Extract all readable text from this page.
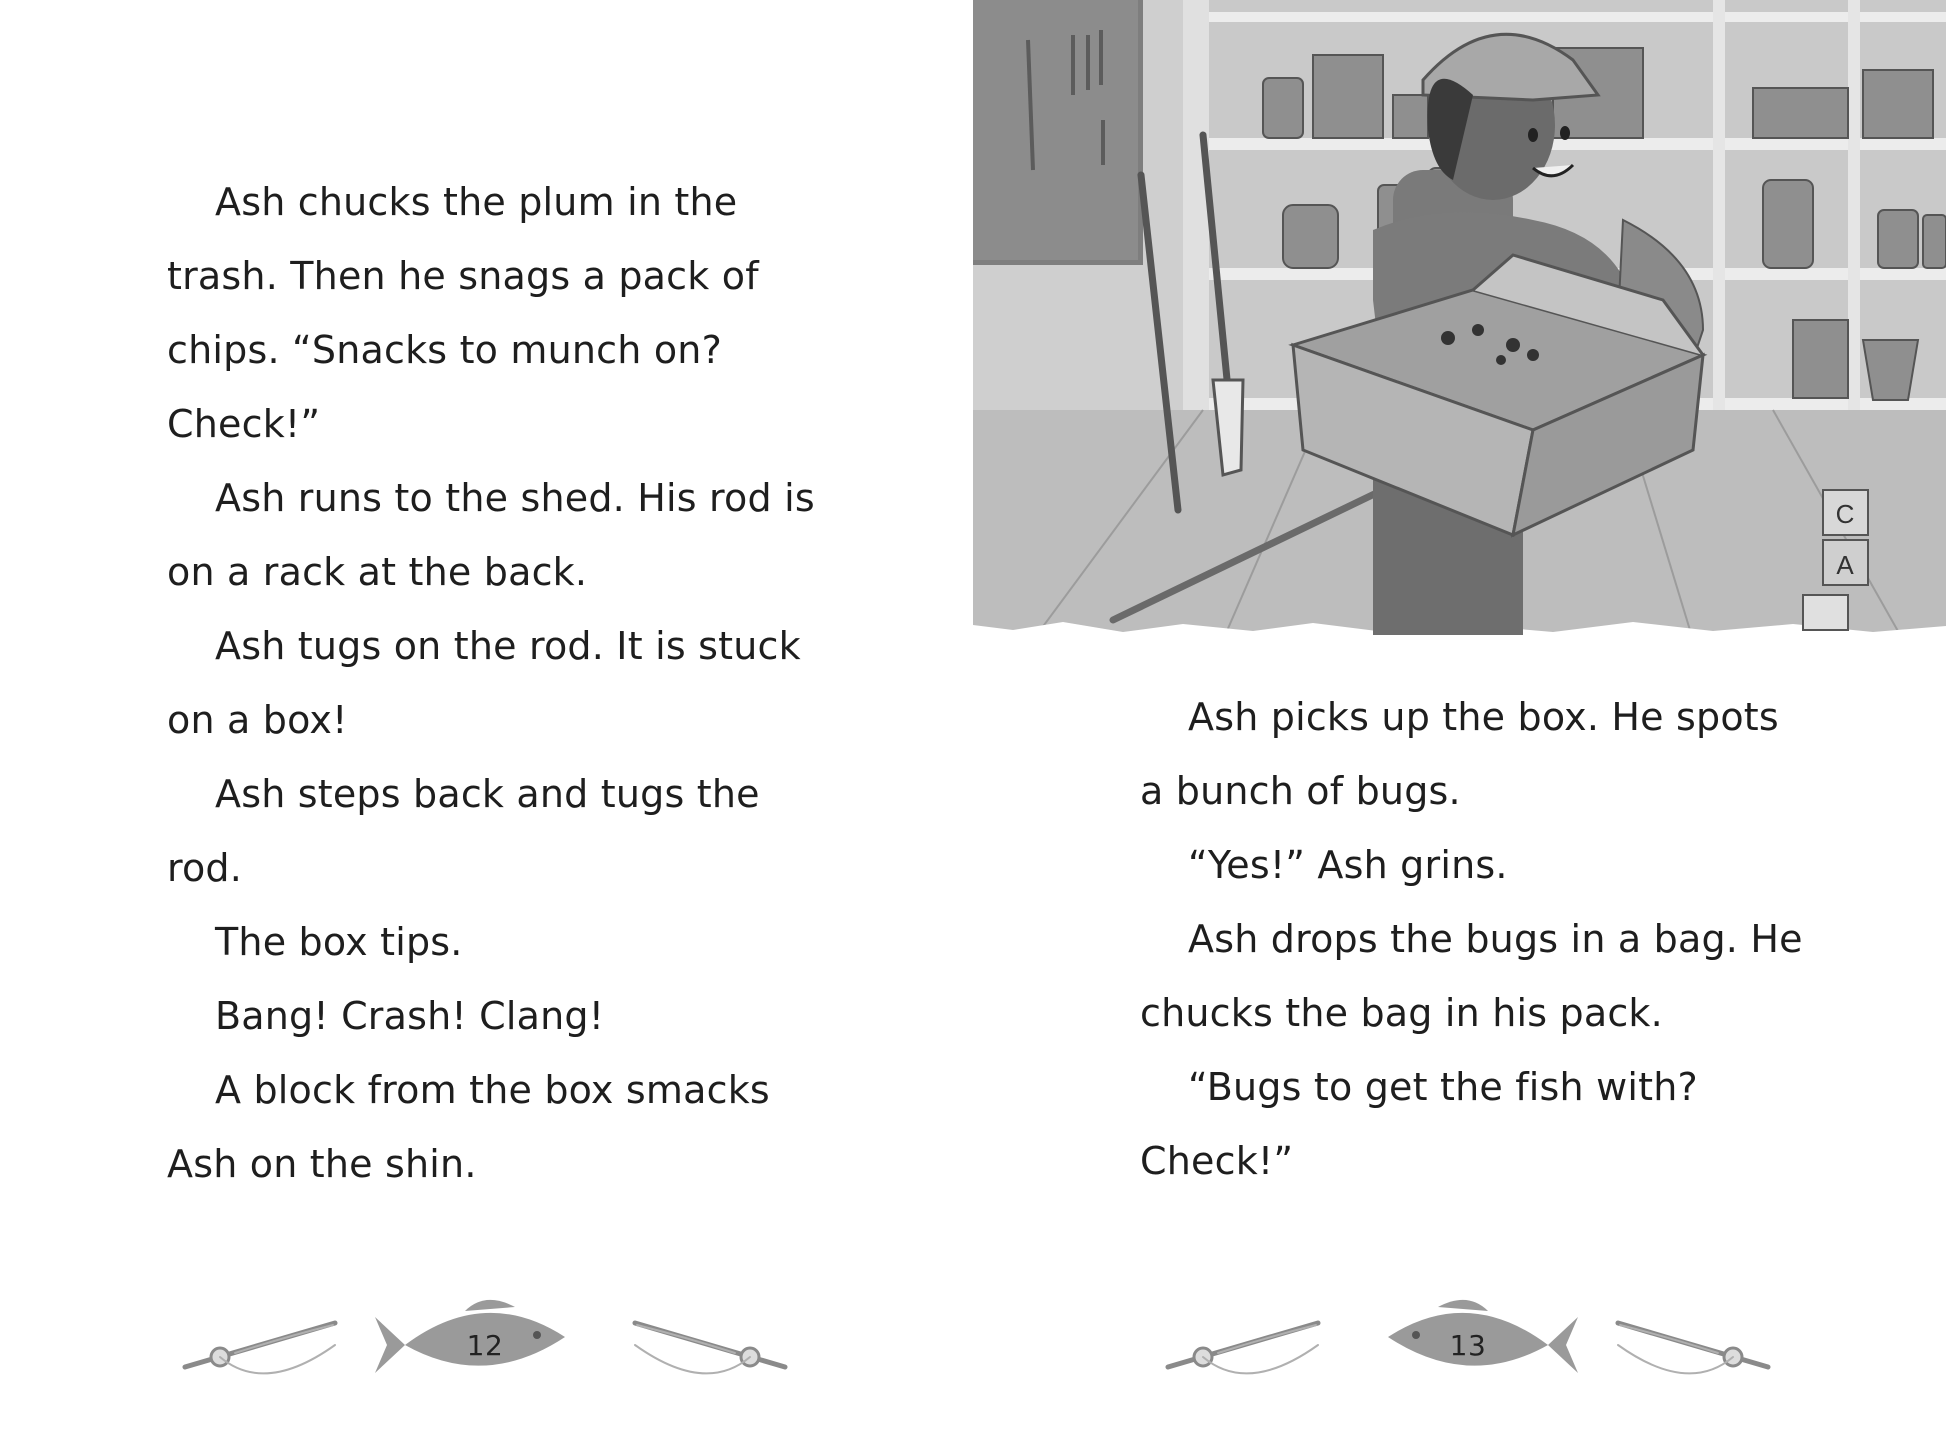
Ash chucks the plum in the
trash. Then he snags a pack of
chips. “Snacks to munch on?
Check!”
Ash runs to the shed. His rod is
on a rack at the back.
Ash tugs on the rod. It is stuck
on a box!
Ash steps back and tugs the
rod.
The box tips.
Bang! Crash! Clang!
A block from the box smacks
Ash on the shin.
12
C
A
Ash picks up the box. He spots
a bunch of bugs.
“Yes!” Ash grins.
Ash drops the bugs in a bag. He
chucks the bag in his pack.
“Bugs to get the fish with?
Check!”
13
